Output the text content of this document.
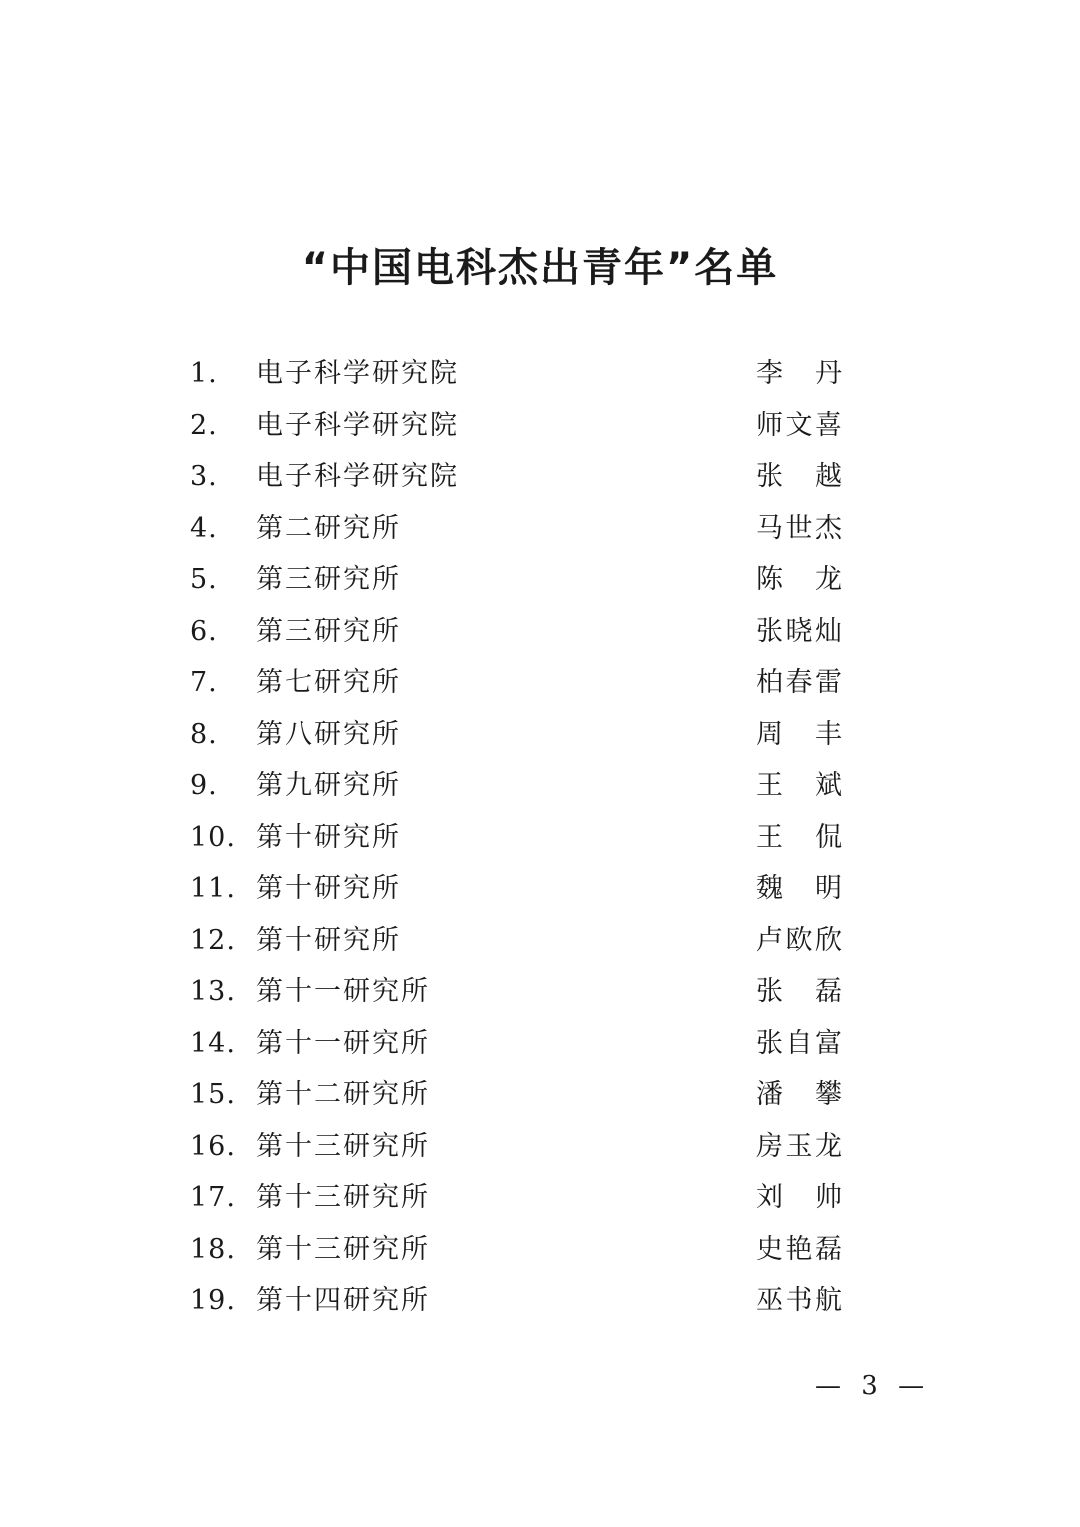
“中国电科杰出青年”名单
1. 电子科学研究院	李 丹
2. 电子科学研究院	师文喜
3. 电子科学研究院	张 越
4. 第二研究所	马世杰
5. 第三研究所	陈 龙
6. 第三研究所	张晓灿
7. 第七研究所	柏春雷
8. 第八研究所	周 丰
9. 第九研究所	王 斌
10. 第十研究所	王 侃
11. 第十研究所	魏 明
12. 第十研究所	卢欧欣
13. 第十一研究所	张 磊
14. 第十一研究所	张自富
15. 第十二研究所	潘 攀
16. 第十三研究所	房玉龙
17. 第十三研究所	刘 帅
18. 第十三研究所	史艳磊
19. 第十四研究所	巫书航
— 3 —
